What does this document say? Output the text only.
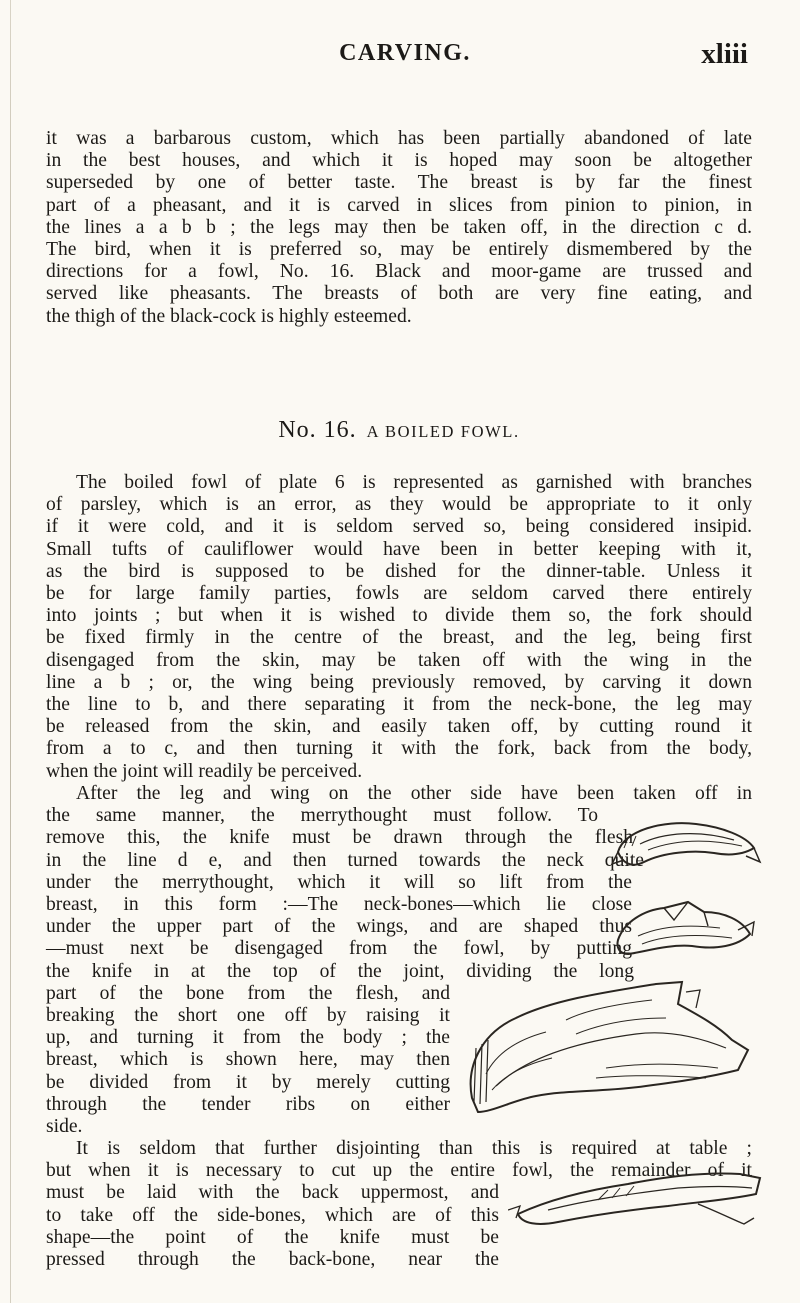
CARVING.	xliii
it was a barbarous custom, which has been partially abandoned of late
in the best houses, and which it is hoped may soon be altogether
superseded by one of better taste. The breast is by far the finest
part of a pheasant, and it is carved in slices from pinion to pinion, in
the lines a a b b ; the legs may then be taken off, in the direction c d.
The bird, when it is preferred so, may be entirely dismembered by the
directions for a fowl, No. 16. Black and moor-game are trussed and
served like pheasants. The breasts of both are very fine eating, and
the thigh of the black-cock is highly esteemed.
No. 16. A BOILED FOWL.
The boiled fowl of plate 6 is represented as garnished with branches
of parsley, which is an error, as they would be appropriate to it only
if it were cold, and it is seldom served so, being considered insipid.
Small tufts of cauliflower would have been in better keeping with it,
as the bird is supposed to be dished for the dinner-table. Unless it
be for large family parties, fowls are seldom carved there entirely
into joints ; but when it is wished to divide them so, the fork should
be fixed firmly in the centre of the breast, and the leg, being first
disengaged from the skin, may be taken off with the wing in the
line a b ; or, the wing being previously removed, by carving it down
the line to b, and there separating it from the neck-bone, the leg may
be released from the skin, and easily taken off, by cutting round it
from a to c, and then turning it with the fork, back from the body,
when the joint will readily be perceived.
After the leg and wing on the other side have been taken off in
the same manner, the merrythought must follow. To
remove this, the knife must be drawn through the flesh
in the line d e, and then turned towards the neck quite
under the merrythought, which it will so lift from the
breast, in this form :—The neck-bones—which lie close
under the upper part of the wings, and are shaped thus
—must next be disengaged from the fowl, by putting
the knife in at the top of the joint, dividing the long
part of the bone from the flesh, and
breaking the short one off by raising it
up, and turning it from the body ; the
breast, which is shown here, may then
be divided from it by merely cutting
through the tender ribs on either
side.
It is seldom that further disjointing than this is required at table ;
but when it is necessary to cut up the entire fowl, the remainder of it
must be laid with the back uppermost, and
to take off the side-bones, which are of this
shape—the point of the knife must be
pressed through the back-bone, near the
